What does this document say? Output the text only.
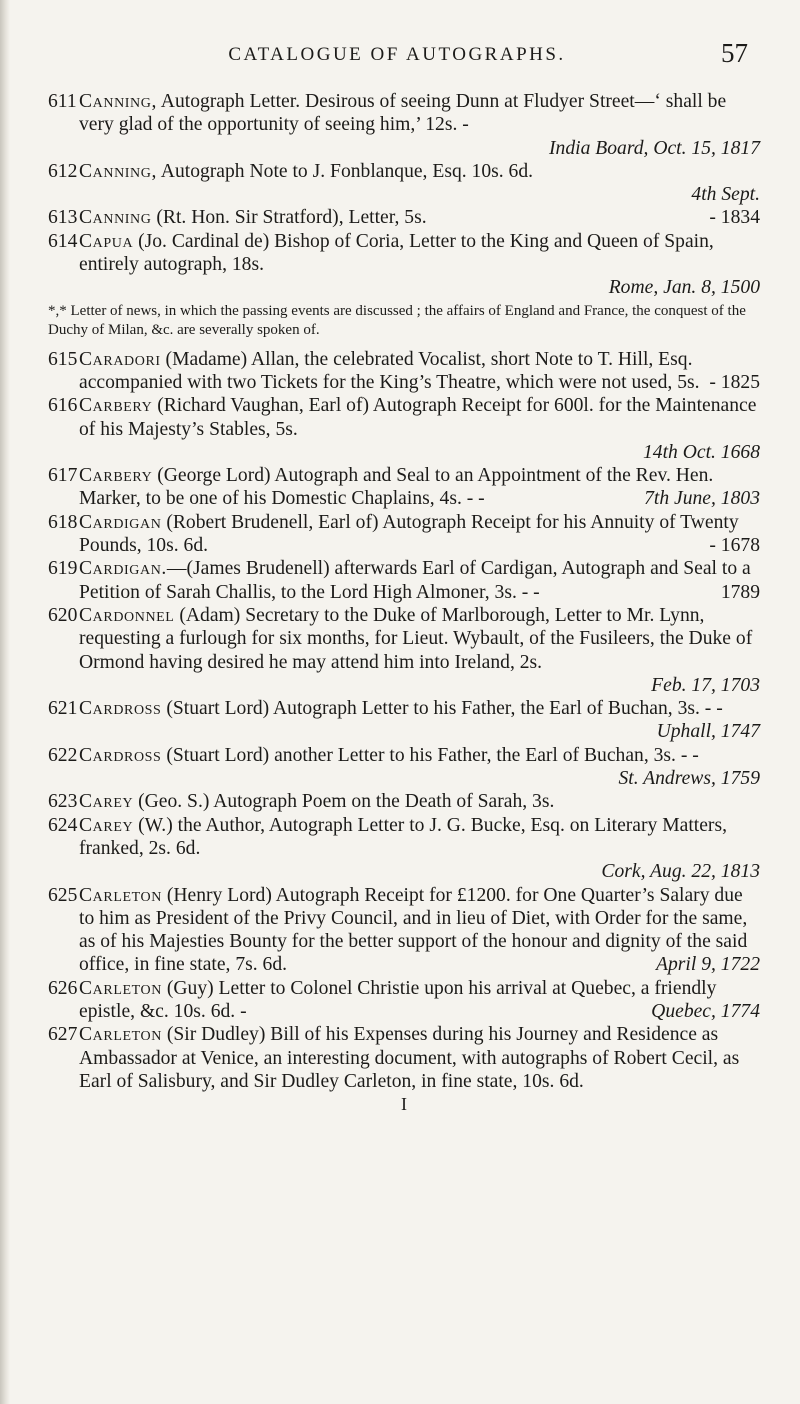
CATALOGUE OF AUTOGRAPHS.	57
611 Canning, Autograph Letter. Desirous of seeing Dunn at Fludyer Street—‘ shall be very glad of the opportunity of seeing him,’ 12s. -
India Board, Oct. 15, 1817
612 Canning, Autograph Note to J. Fonblanque, Esq. 10s. 6d.
4th Sept.
613 Canning (Rt. Hon. Sir Stratford), Letter, 5s.	- 1834
614 Capua (Jo. Cardinal de) Bishop of Coria, Letter to the King and Queen of Spain, entirely autograph, 18s.
Rome, Jan. 8, 1500
*,* Letter of news, in which the passing events are discussed ; the affairs of England and France, the conquest of the Duchy of Milan, &c. are severally spoken of.
615 Caradori (Madame) Allan, the celebrated Vocalist, short Note to T. Hill, Esq. accompanied with two Tickets for the King’s Theatre, which were not used, 5s. - 1825
616 Carbery (Richard Vaughan, Earl of) Autograph Receipt for 600l. for the Maintenance of his Majesty’s Stables, 5s.
14th Oct. 1668
617 Carbery (George Lord) Autograph and Seal to an Appointment of the Rev. Hen. Marker, to be one of his Domestic Chaplains, 4s. - -	7th June, 1803
618 Cardigan (Robert Brudenell, Earl of) Autograph Receipt for his Annuity of Twenty Pounds, 10s. 6d.	- 1678
619 Cardigan.—(James Brudenell) afterwards Earl of Cardigan, Autograph and Seal to a Petition of Sarah Challis, to the Lord High Almoner, 3s. - -	1789
620 Cardonnel (Adam) Secretary to the Duke of Marlborough, Letter to Mr. Lynn, requesting a furlough for six months, for Lieut. Wybault, of the Fusileers, the Duke of Ormond having desired he may attend him into Ireland, 2s.
Feb. 17, 1703
621 Cardross (Stuart Lord) Autograph Letter to his Father, the Earl of Buchan, 3s. - -
Uphall, 1747
622 Cardross (Stuart Lord) another Letter to his Father, the Earl of Buchan, 3s. - -
St. Andrews, 1759
623 Carey (Geo. S.) Autograph Poem on the Death of Sarah, 3s.
624 Carey (W.) the Author, Autograph Letter to J. G. Bucke, Esq. on Literary Matters, franked, 2s. 6d.
Cork, Aug. 22, 1813
625 Carleton (Henry Lord) Autograph Receipt for £1200. for One Quarter’s Salary due to him as President of the Privy Council, and in lieu of Diet, with Order for the same, as of his Majesties Bounty for the better support of the honour and dignity of the said office, in fine state, 7s. 6d.	April 9, 1722
626 Carleton (Guy) Letter to Colonel Christie upon his arrival at Quebec, a friendly epistle, &c. 10s. 6d. -	Quebec, 1774
627 Carleton (Sir Dudley) Bill of his Expenses during his Journey and Residence as Ambassador at Venice, an interesting document, with autographs of Robert Cecil, as Earl of Salisbury, and Sir Dudley Carleton, in fine state, 10s. 6d.
I
